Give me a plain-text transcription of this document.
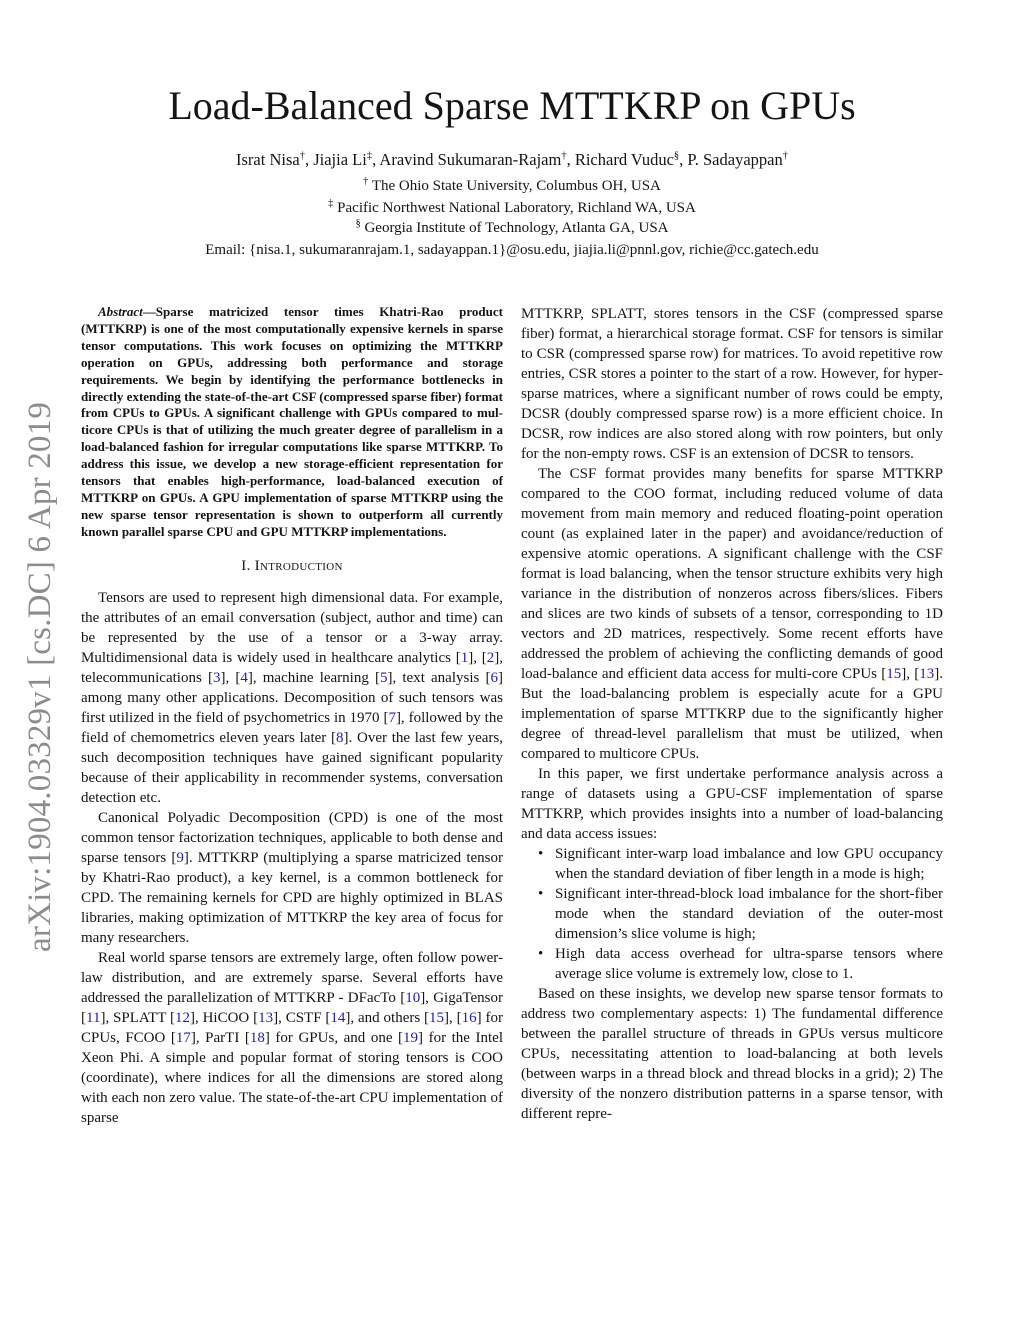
arXiv:1904.03329v1 [cs.DC] 6 Apr 2019
Load-Balanced Sparse MTTKRP on GPUs
Israt Nisa†, Jiajia Li‡, Aravind Sukumaran-Rajam†, Richard Vuduc§, P. Sadayappan†
† The Ohio State University, Columbus OH, USA
‡ Pacific Northwest National Laboratory, Richland WA, USA
§ Georgia Institute of Technology, Atlanta GA, USA
Email: {nisa.1, sukumaranrajam.1, sadayappan.1}@osu.edu, jiajia.li@pnnl.gov, richie@cc.gatech.edu

Abstract—Sparse matricized tensor times Khatri-Rao product (MTTKRP) is one of the most computationally expensive kernels in sparse tensor computations. This work focuses on optimizing the MTTKRP operation on GPUs, addressing both performance and storage requirements. We begin by identifying the performance bottlenecks in directly extending the state-of-the-art CSF (compressed sparse fiber) format from CPUs to GPUs. A significant challenge with GPUs compared to multicore CPUs is that of utilizing the much greater degree of parallelism in a load-balanced fashion for irregular computations like sparse MTTKRP. To address this issue, we develop a new storage-efficient representation for tensors that enables high-performance, load-balanced execution of MTTKRP on GPUs. A GPU implementation of sparse MTTKRP using the new sparse tensor representation is shown to outperform all currently known parallel sparse CPU and GPU MTTKRP implementations.

I. Introduction

Tensors are used to represent high dimensional data. For example, the attributes of an email conversation (subject, author and time) can be represented by the use of a tensor or a 3-way array. Multidimensional data is widely used in healthcare analytics [1], [2], telecommunications [3], [4], machine learning [5], text analysis [6] among many other applications. Decomposition of such tensors was first utilized in the field of psychometrics in 1970 [7], followed by the field of chemometrics eleven years later [8]. Over the last few years, such decomposition techniques have gained significant popularity because of their applicability in recommender systems, conversation detection etc.

Canonical Polyadic Decomposition (CPD) is one of the most common tensor factorization techniques, applicable to both dense and sparse tensors [9]. MTTKRP (multiplying a sparse matricized tensor by Khatri-Rao product), a key kernel, is a common bottleneck for CPD. The remaining kernels for CPD are highly optimized in BLAS libraries, making optimization of MTTKRP the key area of focus for many researchers.

Real world sparse tensors are extremely large, often follow power-law distribution, and are extremely sparse. Several efforts have addressed the parallelization of MTTKRP - DFacTo [10], GigaTensor [11], SPLATT [12], HiCOO [13], CSTF [14], and others [15], [16] for CPUs, FCOO [17], ParTI [18] for GPUs, and one [19] for the Intel Xeon Phi. A simple and popular format of storing tensors is COO (coordinate), where indices for all the dimensions are stored along with each non zero value. The state-of-the-art CPU implementation of sparse

MTTKRP, SPLATT, stores tensors in the CSF (compressed sparse fiber) format, a hierarchical storage format. CSF for tensors is similar to CSR (compressed sparse row) for matrices. To avoid repetitive row entries, CSR stores a pointer to the start of a row. However, for hyper-sparse matrices, where a significant number of rows could be empty, DCSR (doubly compressed sparse row) is a more efficient choice. In DCSR, row indices are also stored along with row pointers, but only for the non-empty rows. CSF is an extension of DCSR to tensors.

The CSF format provides many benefits for sparse MTTKRP compared to the COO format, including reduced volume of data movement from main memory and reduced floating-point operation count (as explained later in the paper) and avoidance/reduction of expensive atomic operations. A significant challenge with the CSF format is load balancing, when the tensor structure exhibits very high variance in the distribution of nonzeros across fibers/slices. Fibers and slices are two kinds of subsets of a tensor, corresponding to 1D vectors and 2D matrices, respectively. Some recent efforts have addressed the problem of achieving the conflicting demands of good load-balance and efficient data access for multi-core CPUs [15], [13]. But the load-balancing problem is especially acute for a GPU implementation of sparse MTTKRP due to the significantly higher degree of thread-level parallelism that must be utilized, when compared to multicore CPUs.

In this paper, we first undertake performance analysis across a range of datasets using a GPU-CSF implementation of sparse MTTKRP, which provides insights into a number of load-balancing and data access issues:

• Significant inter-warp load imbalance and low GPU occupancy when the standard deviation of fiber length in a mode is high;
• Significant inter-thread-block load imbalance for the short-fiber mode when the standard deviation of the outer-most dimension’s slice volume is high;
• High data access overhead for ultra-sparse tensors where average slice volume is extremely low, close to 1.

Based on these insights, we develop new sparse tensor formats to address two complementary aspects: 1) The fundamental difference between the parallel structure of threads in GPUs versus multicore CPUs, necessitating attention to load-balancing at both levels (between warps in a thread block and thread blocks in a grid); 2) The diversity of the nonzero distribution patterns in a sparse tensor, with different repre-
